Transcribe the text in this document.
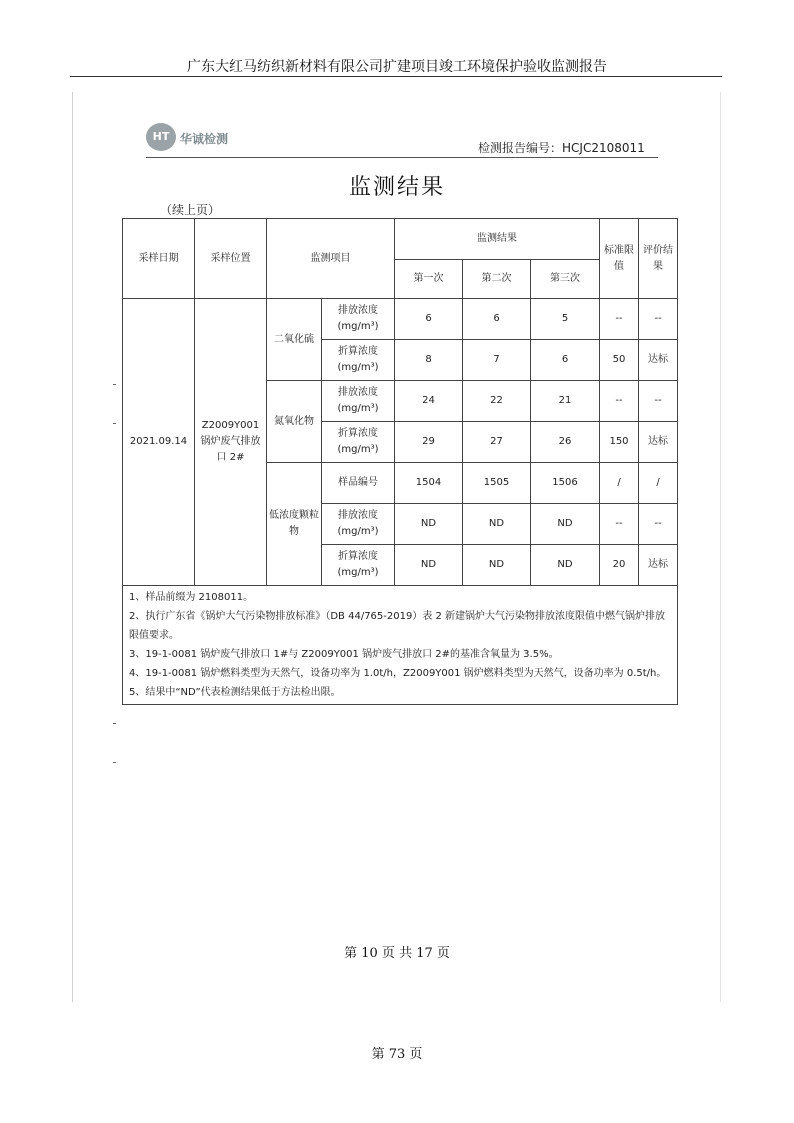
广东大红马纺织新材料有限公司扩建项目竣工环境保护验收监测报告
HT 华诚检测
检测报告编号：HCJC2108011
监测结果
（续上页）
采样日期	采样位置	监测项目		监测结果			标准限值	评价结果
				第一次	第二次	第三次		
2021.09.14	Z2009Y001锅炉废气排放口 2#	二氧化硫	排放浓度 (mg/m³)	6	6	5	--	--
			折算浓度 (mg/m³)	8	7	6	50	达标
		氮氧化物	排放浓度 (mg/m³)	24	22	21	--	--
			折算浓度 (mg/m³)	29	27	26	150	达标
		低浓度颗粒物	样品编号	1504	1505	1506	/	/
			排放浓度 (mg/m³)	ND	ND	ND	--	--
			折算浓度 (mg/m³)	ND	ND	ND	20	达标

1、样品前缀为 2108011。
2、执行广东省《锅炉大气污染物排放标准》（DB 44/765-2019）表 2 新建锅炉大气污染物排放浓度限值中燃气锅炉排放限值要求。
3、19-1-0081 锅炉废气排放口 1#与 Z2009Y001 锅炉废气排放口 2#的基准含氧量为 3.5%。
4、19-1-0081 锅炉燃料类型为天然气，设备功率为 1.0t/h，Z2009Y001 锅炉燃料类型为天然气，设备功率为 0.5t/h。
5、结果中“ND”代表检测结果低于方法检出限。								
第 10 页 共 17 页
第 73 页
